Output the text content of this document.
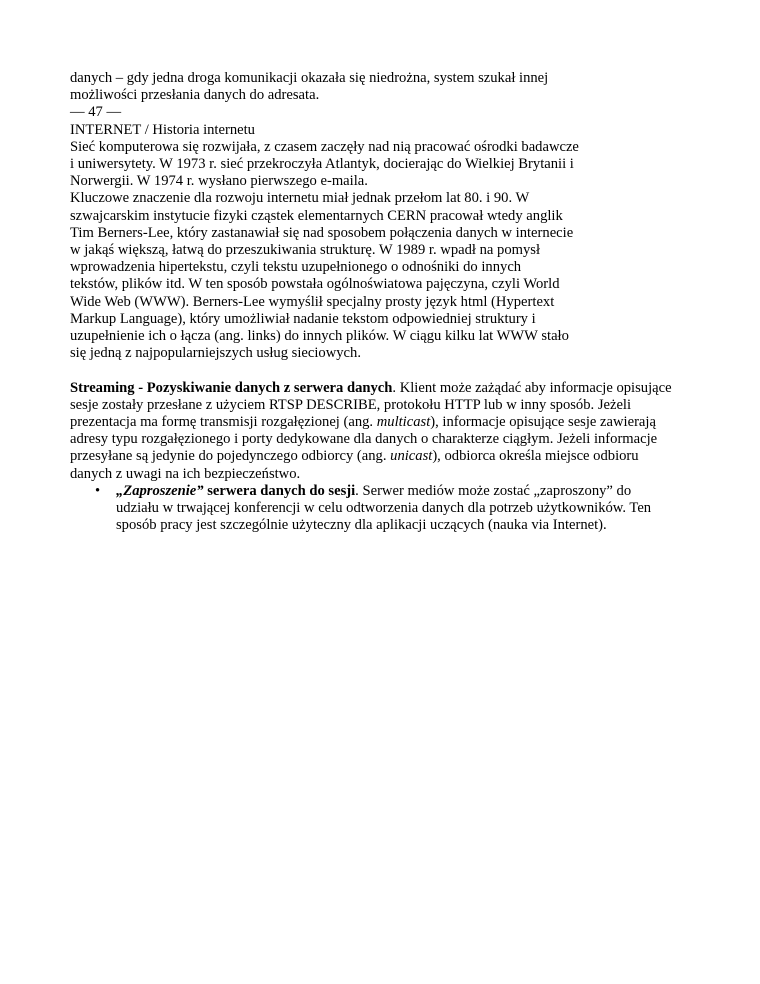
danych – gdy jedna droga komunikacji okazała się niedrożna, system szukał innej
możliwości przesłania danych do adresata.
— 47 —
INTERNET / Historia internetu
Sieć komputerowa się rozwijała, z czasem zaczęły nad nią pracować ośrodki badawcze
i uniwersytety. W 1973 r. sieć przekroczyła Atlantyk, docierając do Wielkiej Brytanii i
Norwergii. W 1974 r. wysłano pierwszego e-maila.
Kluczowe znaczenie dla rozwoju internetu miał jednak przełom lat 80. i 90. W
szwajcarskim instytucie fizyki cząstek elementarnych CERN pracował wtedy anglik
Tim Berners-Lee, który zastanawiał się nad sposobem połączenia danych w internecie
w jakąś większą, łatwą do przeszukiwania strukturę. W 1989 r. wpadł na pomysł
wprowadzenia hipertekstu, czyli tekstu uzupełnionego o odnośniki do innych
tekstów, plików itd. W ten sposób powstała ogólnoświatowa pajęczyna, czyli World
Wide Web (WWW). Berners-Lee wymyślił specjalny prosty język html (Hypertext
Markup Language), który umożliwiał nadanie tekstom odpowiedniej struktury i
uzupełnienie ich o łącza (ang. links) do innych plików. W ciągu kilku lat WWW stało
się jedną z najpopularniejszych usług sieciowych.
Streaming - Pozyskiwanie danych z serwera danych. Klient może zażądać aby informacje opisujące
sesje zostały przesłane z użyciem RTSP DESCRIBE, protokołu HTTP lub w inny sposób. Jeżeli
prezentacja ma formę transmisji rozgałęzionej (ang. multicast), informacje opisujące sesje zawierają
adresy typu rozgałęzionego i porty dedykowane dla danych o charakterze ciągłym. Jeżeli informacje
przesyłane są jedynie do pojedynczego odbiorcy (ang. unicast), odbiorca określa miejsce odbioru
danych z uwagi na ich bezpieczeństwo.
• „Zaproszenie” serwera danych do sesji. Serwer mediów może zostać „zaproszony” do
udziału w trwającej konferencji w celu odtworzenia danych dla potrzeb użytkowników. Ten
sposób pracy jest szczególnie użyteczny dla aplikacji uczących (nauka via Internet).
